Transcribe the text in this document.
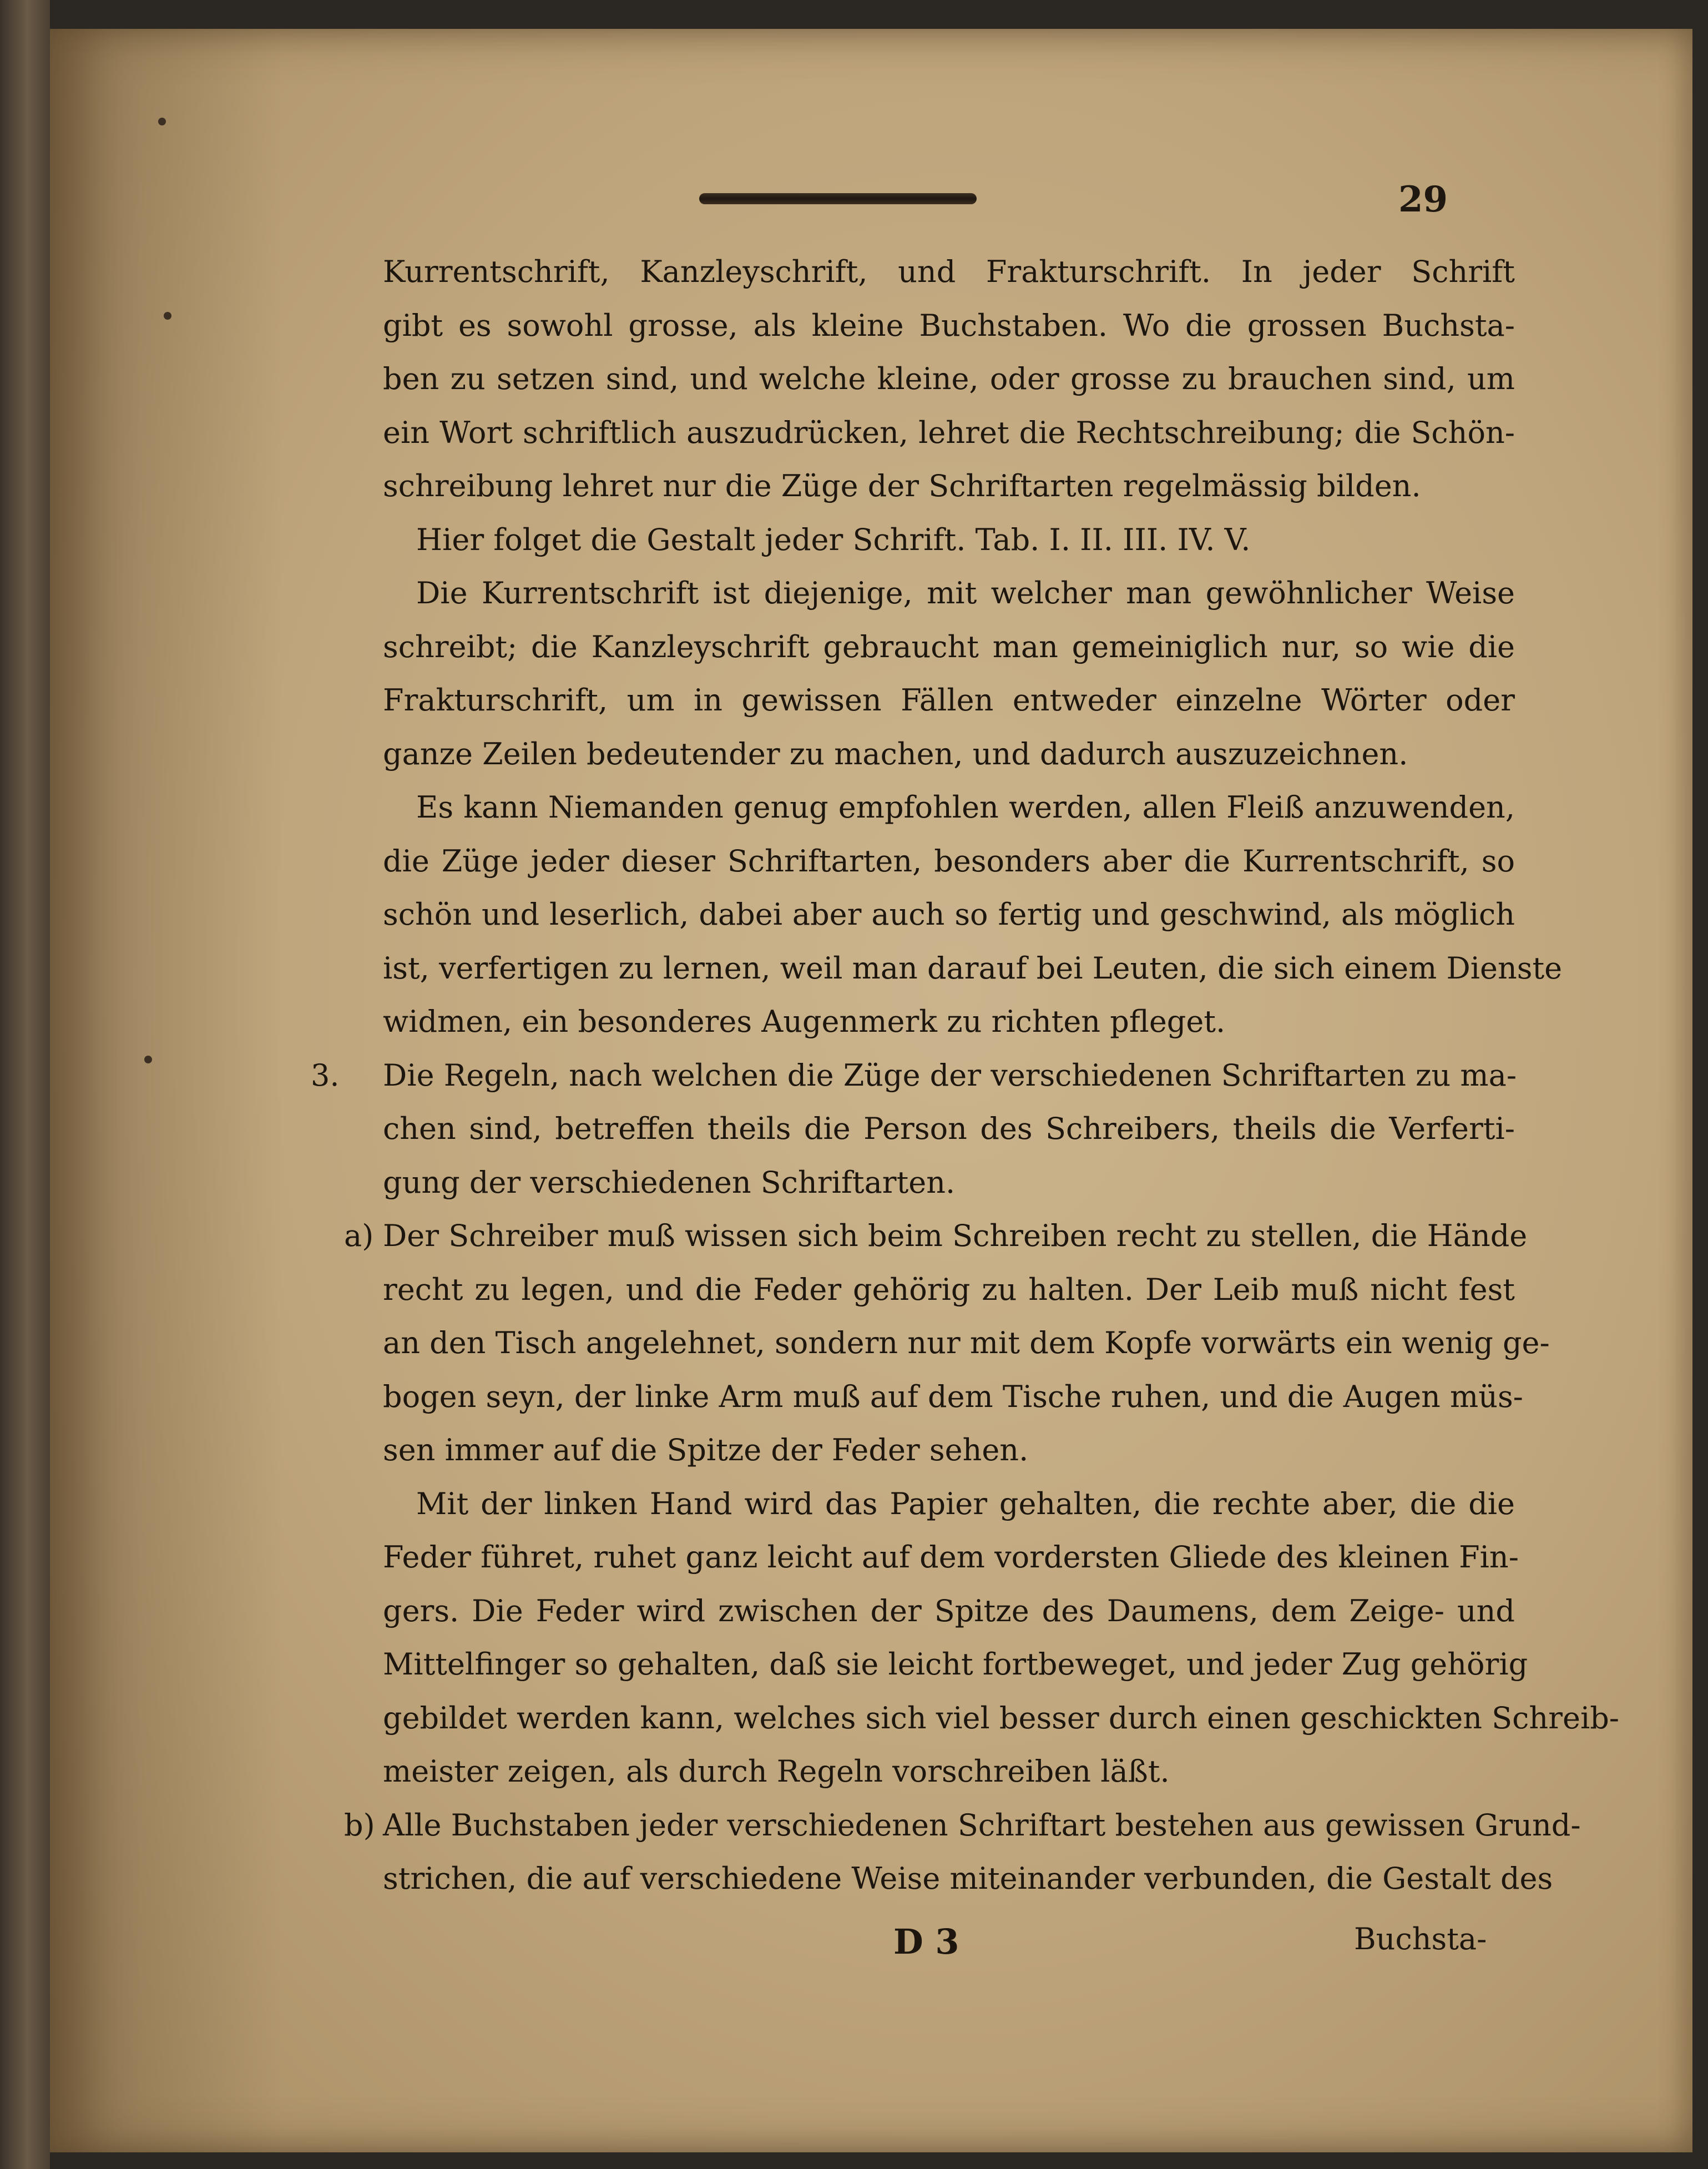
29
Kurrentschrift, Kanzleyschrift, und Frakturschrift. In jeder Schrift
gibt es sowohl grosse, als kleine Buchstaben. Wo die grossen Buchsta-
ben zu setzen sind, und welche kleine, oder grosse zu brauchen sind, um
ein Wort schriftlich auszudrücken, lehret die Rechtschreibung; die Schön-
schreibung lehret nur die Züge der Schriftarten regelmässig bilden.
Hier folget die Gestalt jeder Schrift. Tab. I. II. III. IV. V.
Die Kurrentschrift ist diejenige, mit welcher man gewöhnlicher Weise
schreibt; die Kanzleyschrift gebraucht man gemeiniglich nur, so wie die
Frakturschrift, um in gewissen Fällen entweder einzelne Wörter oder
ganze Zeilen bedeutender zu machen, und dadurch auszuzeichnen.
Es kann Niemanden genug empfohlen werden, allen Fleiß anzuwenden,
die Züge jeder dieser Schriftarten, besonders aber die Kurrentschrift, so
schön und leserlich, dabei aber auch so fertig und geschwind, als möglich
ist, verfertigen zu lernen, weil man darauf bei Leuten, die sich einem Dienste
widmen, ein besonderes Augenmerk zu richten pfleget.
3. Die Regeln, nach welchen die Züge der verschiedenen Schriftarten zu ma-
chen sind, betreffen theils die Person des Schreibers, theils die Verferti-
gung der verschiedenen Schriftarten.
a) Der Schreiber muß wissen sich beim Schreiben recht zu stellen, die Hände
recht zu legen, und die Feder gehörig zu halten. Der Leib muß nicht fest
an den Tisch angelehnet, sondern nur mit dem Kopfe vorwärts ein wenig ge-
bogen seyn, der linke Arm muß auf dem Tische ruhen, und die Augen müs-
sen immer auf die Spitze der Feder sehen.
Mit der linken Hand wird das Papier gehalten, die rechte aber, die die
Feder führet, ruhet ganz leicht auf dem vordersten Gliede des kleinen Fin-
gers. Die Feder wird zwischen der Spitze des Daumens, dem Zeige- und
Mittelfinger so gehalten, daß sie leicht fortbeweget, und jeder Zug gehörig
gebildet werden kann, welches sich viel besser durch einen geschickten Schreib-
meister zeigen, als durch Regeln vorschreiben läßt.
b) Alle Buchstaben jeder verschiedenen Schriftart bestehen aus gewissen Grund-
strichen, die auf verschiedene Weise miteinander verbunden, die Gestalt des
D 3	Buchsta-
